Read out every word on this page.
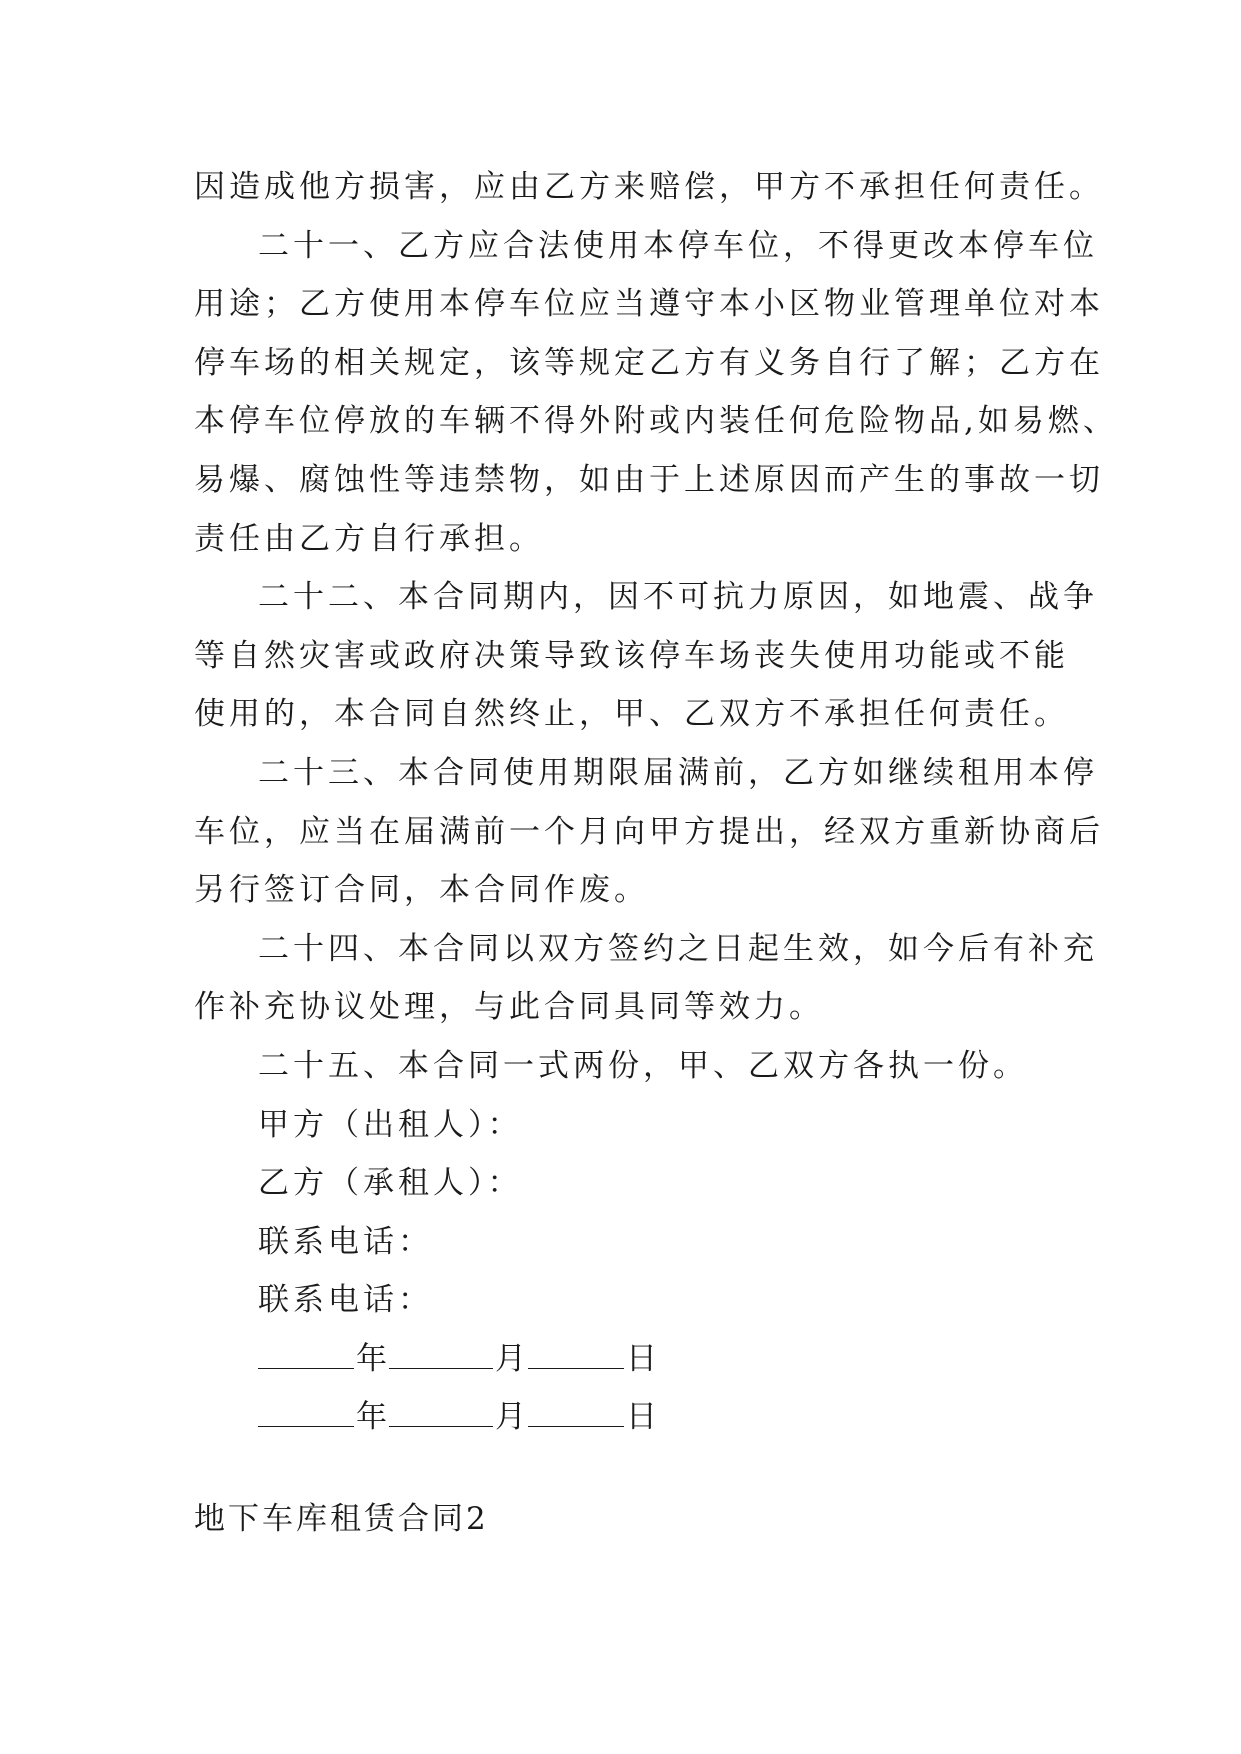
因造成他方损害，应由乙方来赔偿，甲方不承担任何责任。
二十一、乙方应合法使用本停车位，不得更改本停车位
用途；乙方使用本停车位应当遵守本小区物业管理单位对本
停车场的相关规定，该等规定乙方有义务自行了解；乙方在
本停车位停放的车辆不得外附或内装任何危险物品,如易燃、
易爆、腐蚀性等违禁物，如由于上述原因而产生的事故一切
责任由乙方自行承担。
二十二、本合同期内，因不可抗力原因，如地震、战争
等自然灾害或政府决策导致该停车场丧失使用功能或不能
使用的，本合同自然终止，甲、乙双方不承担任何责任。
二十三、本合同使用期限届满前，乙方如继续租用本停
车位，应当在届满前一个月向甲方提出，经双方重新协商后
另行签订合同，本合同作废。
二十四、本合同以双方签约之日起生效，如今后有补充
作补充协议处理，与此合同具同等效力。
二十五、本合同一式两份，甲、乙双方各执一份。
甲方（出租人）：
乙方（承租人）：
联系电话：
联系电话：
年	月	日
年	月	日
地下车库租赁合同2
